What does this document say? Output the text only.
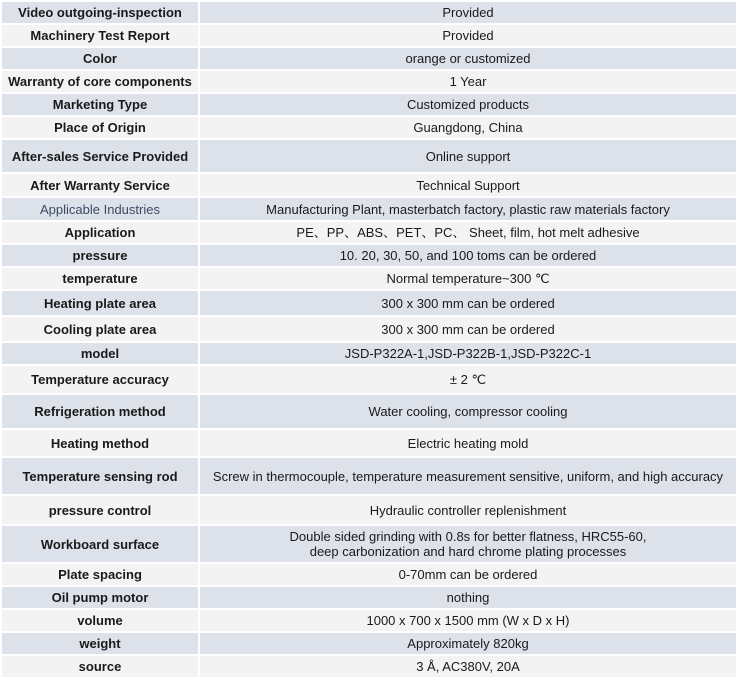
Video outgoing-inspection	Provided
Machinery Test Report	Provided
Color	orange or customized
Warranty of core components	1 Year
Marketing Type	Customized products
Place of Origin	Guangdong, China
After-sales Service Provided	Online support
After Warranty Service	Technical Support
Applicable Industries	Manufacturing Plant, masterbatch factory, plastic raw materials factory
Application	PE、PP、ABS、PET、PC、 Sheet, film, hot melt adhesive
pressure	10. 20, 30, 50, and 100 toms can be ordered
temperature	Normal temperature~300 ℃
Heating plate area	300 x 300 mm can be ordered
Cooling plate area	300 x 300 mm can be ordered
model	JSD-P322A-1,JSD-P322B-1,JSD-P322C-1
Temperature accuracy	± 2 ℃
Refrigeration method	Water cooling, compressor cooling
Heating method	Electric heating mold
Temperature sensing rod	Screw in thermocouple, temperature measurement sensitive, uniform, and high accuracy
pressure control	Hydraulic controller replenishment
Workboard surface	Double sided grinding with 0.8s for better flatness, HRC55-60, deep carbonization and hard chrome plating processes
Plate spacing	0-70mm can be ordered
Oil pump motor	nothing
volume	1000 x 700 x 1500 mm (W x D x H)
weight	Approximately 820kg
source	3 Å, AC380V, 20A
